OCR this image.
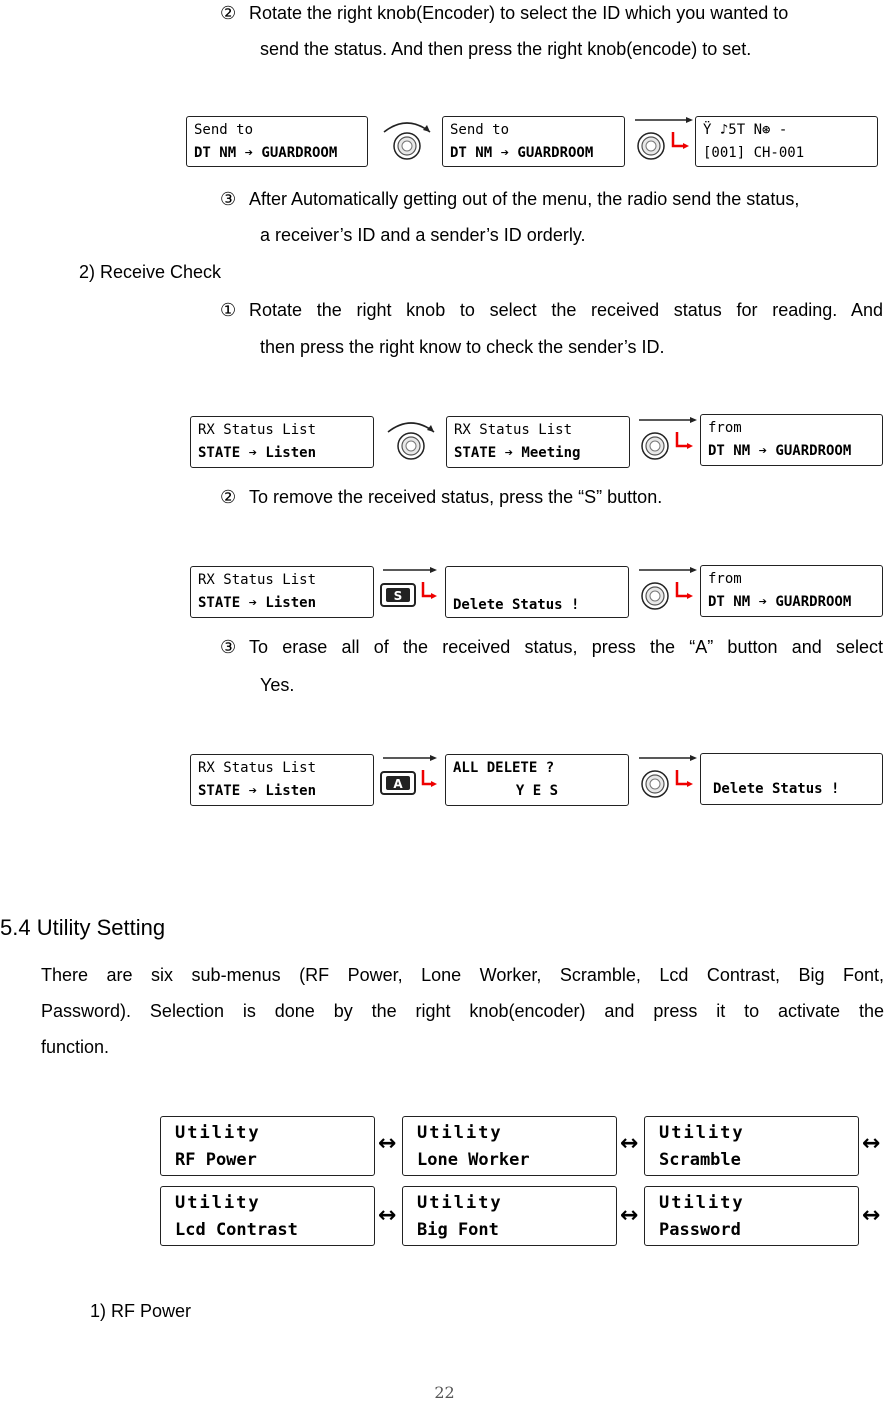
② Rotate the right knob(Encoder) to select the ID which you wanted to
send the status. And then press the right knob(encode) to set.
Send to
DT NM ➔ GUARDROOM
Send to
DT NM ➔ GUARDROOM
Ÿ ♪5T N⊛ -
[001] CH-001
③ After Automatically getting out of the menu, the radio send the status,
a receiver’s ID and a sender’s ID orderly.
2) Receive Check
① Rotate the right knob to select the received status for reading. And
then press the right know to check the sender’s ID.
RX Status List
STATE ➔ Listen
RX Status List
STATE ➔ Meeting
from
DT NM ➔ GUARDROOM
② To remove the received status, press the “S” button.
RX Status List
STATE ➔ Listen	S
Delete Status !
from
DT NM ➔ GUARDROOM
③ To erase all of the received status, press the “A” button and select
Yes.
RX Status List
STATE ➔ Listen	A
ALL DELETE ?
Y E S	Delete Status !
5.4 Utility Setting
There are six sub-menus (RF Power, Lone Worker, Scramble, Lcd Contrast, Big Font,
Password). Selection is done by the right knob(encoder) and press it to activate the
function.
Utility
RF Power
↔ Utility
Lone Worker
↔ Utility
Scramble
↔
Utility
Lcd Contrast
↔ Utility
Big Font
↔ Utility
Password
↔
1) RF Power
22
